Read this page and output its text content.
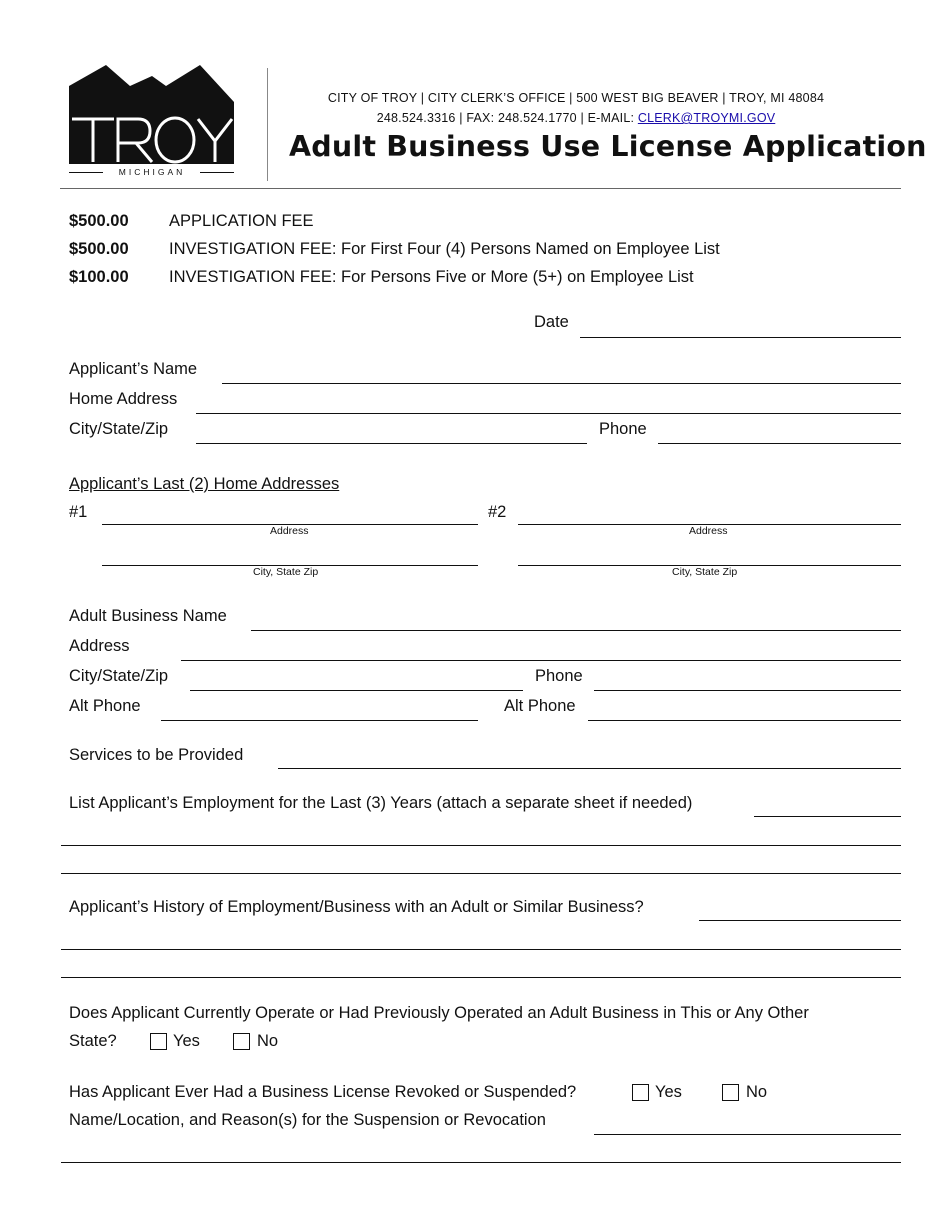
MICHIGAN
CITY OF TROY | CITY CLERK’S OFFICE | 500 WEST BIG BEAVER | TROY, MI 48084
248.524.3316 | FAX: 248.524.1770 | E-MAIL: CLERK@TROYMI.GOV
Adult Business Use License Application
$500.00 APPLICATION FEE
$500.00 INVESTIGATION FEE: For First Four (4) Persons Named on Employee List
$100.00 INVESTIGATION FEE: For Persons Five or More (5+) on Employee List
Date
Applicant’s Name
Home Address
City/State/Zip	Phone
Applicant’s Last (2) Home Addresses
#1
Address
City, State Zip
#2
Address
City, State Zip
Adult Business Name
Address
City/State/Zip	Phone
Alt Phone	Alt Phone
Services to be Provided
List Applicant’s Employment for the Last (3) Years (attach a separate sheet if needed)
Applicant’s History of Employment/Business with an Adult or Similar Business?
Does Applicant Currently Operate or Had Previously Operated an Adult Business in This or Any Other
State?	Yes	No
Has Applicant Ever Had a Business License Revoked or Suspended?	Yes	No
Name/Location, and Reason(s) for the Suspension or Revocation
